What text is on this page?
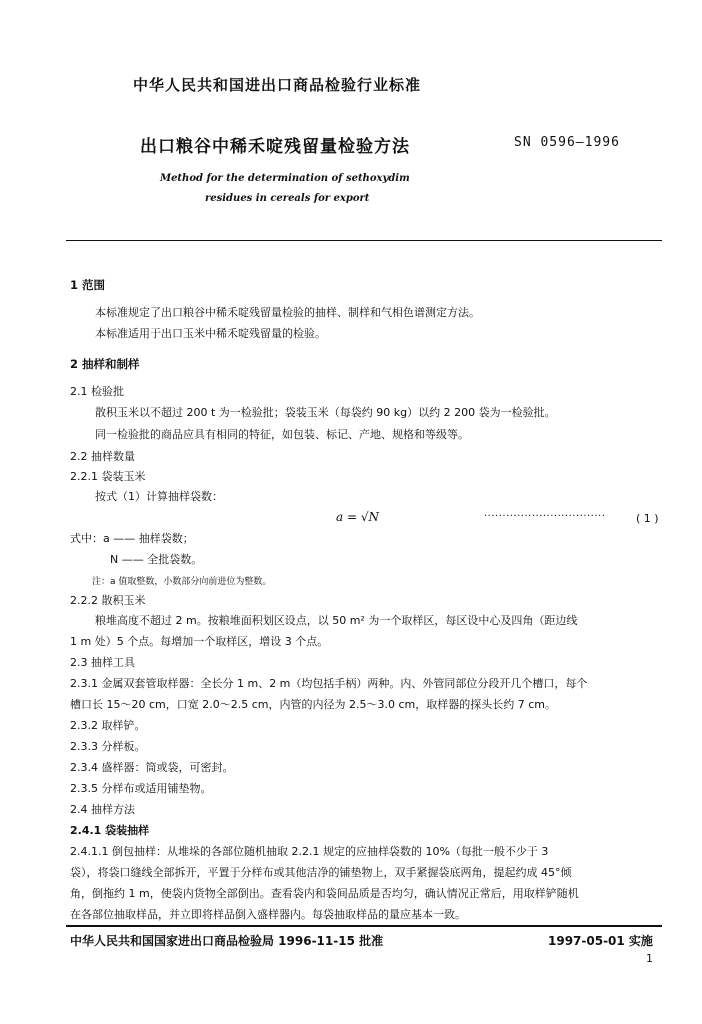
中华人民共和国进出口商品检验行业标准
出口粮谷中稀禾啶残留量检验方法	SN 0596—1996
Method for the determination of sethoxydim
residues in cereals for export
1 范围
本标准规定了出口粮谷中稀禾啶残留量检验的抽样、制样和气相色谱测定方法。
本标准适用于出口玉米中稀禾啶残留量的检验。
2 抽样和制样
2.1 检验批
散积玉米以不超过 200 t 为一检验批；袋装玉米（每袋约 90 kg）以约 2 200 袋为一检验批。
同一检验批的商品应具有相同的特征，如包装、标记、产地、规格和等级等。
2.2 抽样数量
2.2.1 袋装玉米
按式（1）计算抽样袋数：
a = √N	·································	( 1 )
式中：a —— 抽样袋数；
N —— 全批袋数。
注：a 值取整数，小数部分向前进位为整数。
2.2.2 散积玉米
粮堆高度不超过 2 m。按粮堆面积划区设点，以 50 m² 为一个取样区，每区设中心及四角（距边线
1 m 处）5 个点。每增加一个取样区，增设 3 个点。
2.3 抽样工具
2.3.1 金属双套管取样器：全长分 1 m、2 m（均包括手柄）两种。内、外管同部位分段开几个槽口，每个
槽口长 15～20 cm，口宽 2.0～2.5 cm，内管的内径为 2.5～3.0 cm，取样器的探头长约 7 cm。
2.3.2 取样铲。
2.3.3 分样板。
2.3.4 盛样器：筒或袋，可密封。
2.3.5 分样布或适用铺垫物。
2.4 抽样方法
2.4.1 袋装抽样
2.4.1.1 倒包抽样：从堆垛的各部位随机抽取 2.2.1 规定的应抽样袋数的 10%（每批一般不少于 3
袋），将袋口缝线全部拆开，平置于分样布或其他洁净的铺垫物上，双手紧握袋底两角，提起约成 45°倾
角，倒拖约 1 m，使袋内货物全部倒出。查看袋内和袋间品质是否均匀，确认情况正常后，用取样铲随机
在各部位抽取样品，并立即将样品倒入盛样器内。每袋抽取样品的量应基本一致。
中华人民共和国国家进出口商品检验局 1996-11-15 批准	1997-05-01 实施
1
